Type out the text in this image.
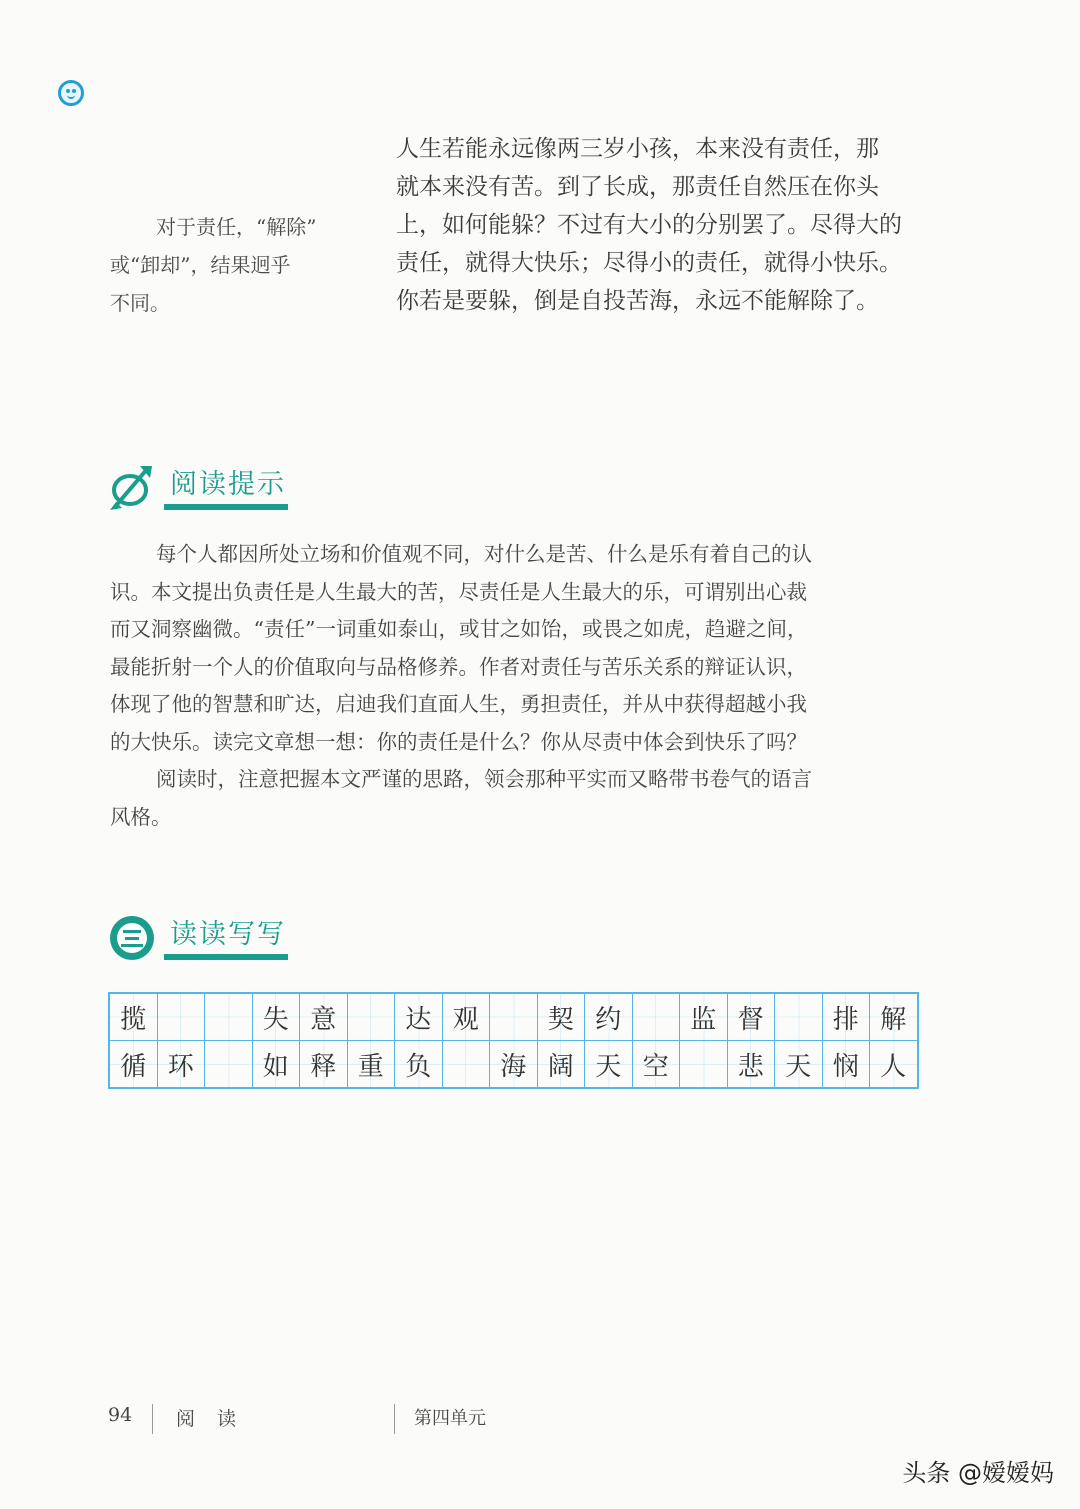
对于责任，“解除”
或“卸却”，结果迥乎
不同。
人生若能永远像两三岁小孩，本来没有责任，那
就本来没有苦。到了长成，那责任自然压在你头
上，如何能躲？不过有大小的分别罢了。尽得大的
责任，就得大快乐；尽得小的责任，就得小快乐。
你若是要躲，倒是自投苦海，永远不能解除了。
阅读提示
每个人都因所处立场和价值观不同，对什么是苦、什么是乐有着自己的认
识。本文提出负责任是人生最大的苦，尽责任是人生最大的乐，可谓别出心裁
而又洞察幽微。“责任”一词重如泰山，或甘之如饴，或畏之如虎，趋避之间，
最能折射一个人的价值取向与品格修养。作者对责任与苦乐关系的辩证认识，
体现了他的智慧和旷达，启迪我们直面人生，勇担责任，并从中获得超越小我
的大快乐。读完文章想一想：你的责任是什么？你从尽责中体会到快乐了吗？
阅读时，注意把握本文严谨的思路，领会那种平实而又略带书卷气的语言
风格。
读读写写
揽			失	意		达	观		契	约		监	督		排	解
循	环		如	释	重	负		海	阔	天	空		悲	天	悯	人
94 阅 读	第四单元
头条 @嫒嫒妈
